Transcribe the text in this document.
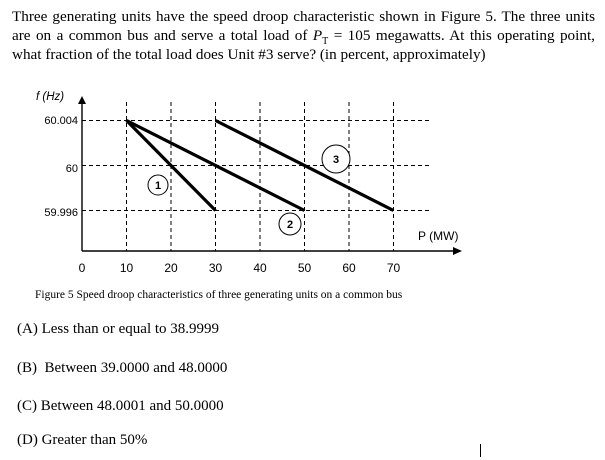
Three generating units have the speed droop characteristic shown in Figure 5. The three units are on a common bus and serve a total load of $P_T = 105$ megawatts. At this operating point, what fraction of the total load does Unit #3 serve? (in percent, approximately)
1
2
3
60.004
60
59.996
0	10	20	30	40	50	60	70
f (Hz)
P (MW)
Figure 5 Speed droop characteristics of three generating units on a common bus
(A) Less than or equal to 38.9999
(B) Between 39.0000 and 48.0000
(C) Between 48.0001 and 50.0000
(D) Greater than 50%
